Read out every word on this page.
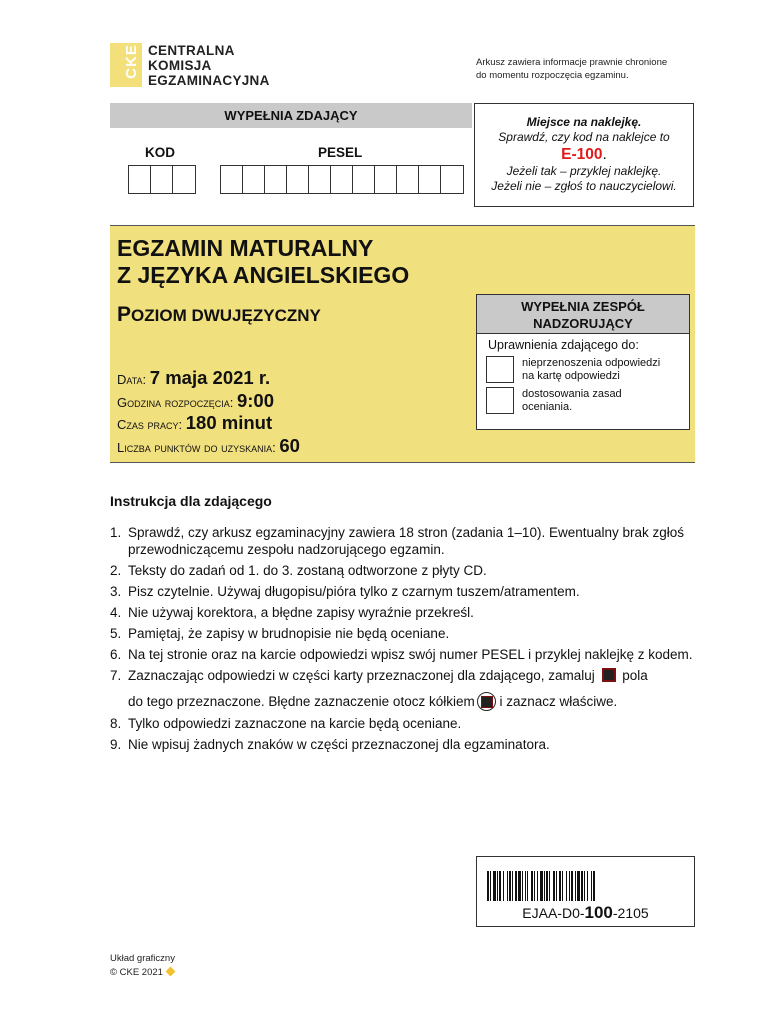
CKE CENTRALNA
KOMISJA
EGZAMINACYJNA
Arkusz zawiera informacje prawnie chronione
do momentu rozpoczęcia egzaminu.
WYPEŁNIA ZDAJĄCY
KOD	PESEL
Miejsce na naklejkę.
Sprawdź, czy kod na naklejce to
E-100.
Jeżeli tak – przyklej naklejkę.
Jeżeli nie – zgłoś to nauczycielowi.
EGZAMIN MATURALNY
Z JĘZYKA ANGIELSKIEGO
POZIOM DWUJĘZYCZNY
Data: 7 maja 2021 r.
Godzina rozpoczęcia: 9:00
Czas pracy: 180 minut
Liczba punktów do uzyskania: 60
WYPEŁNIA ZESPÓŁ
NADZORUJĄCY
Uprawnienia zdającego do:
nieprzenoszenia odpowiedzi
na kartę odpowiedzi
dostosowania zasad
oceniania.
Instrukcja dla zdającego
1. Sprawdź, czy arkusz egzaminacyjny zawiera 18 stron (zadania 1–10). Ewentualny brak zgłoś przewodniczącemu zespołu nadzorującego egzamin.
2. Teksty do zadań od 1. do 3. zostaną odtworzone z płyty CD.
3. Pisz czytelnie. Używaj długopisu/pióra tylko z czarnym tuszem/atramentem.
4. Nie używaj korektora, a błędne zapisy wyraźnie przekreśl.
5. Pamiętaj, że zapisy w brudnopisie nie będą oceniane.
6. Na tej stronie oraz na karcie odpowiedzi wpisz swój numer PESEL i przyklej naklejkę z kodem.
7. Zaznaczając odpowiedzi w części karty przeznaczonej dla zdającego, zamaluj pola
do tego przeznaczone. Błędne zaznaczenie otocz kółkiem i zaznacz właściwe.
8. Tylko odpowiedzi zaznaczone na karcie będą oceniane.
9. Nie wpisuj żadnych znaków w części przeznaczonej dla egzaminatora.
EJAA-D0-100-2105
Układ graficzny
© CKE 2021
